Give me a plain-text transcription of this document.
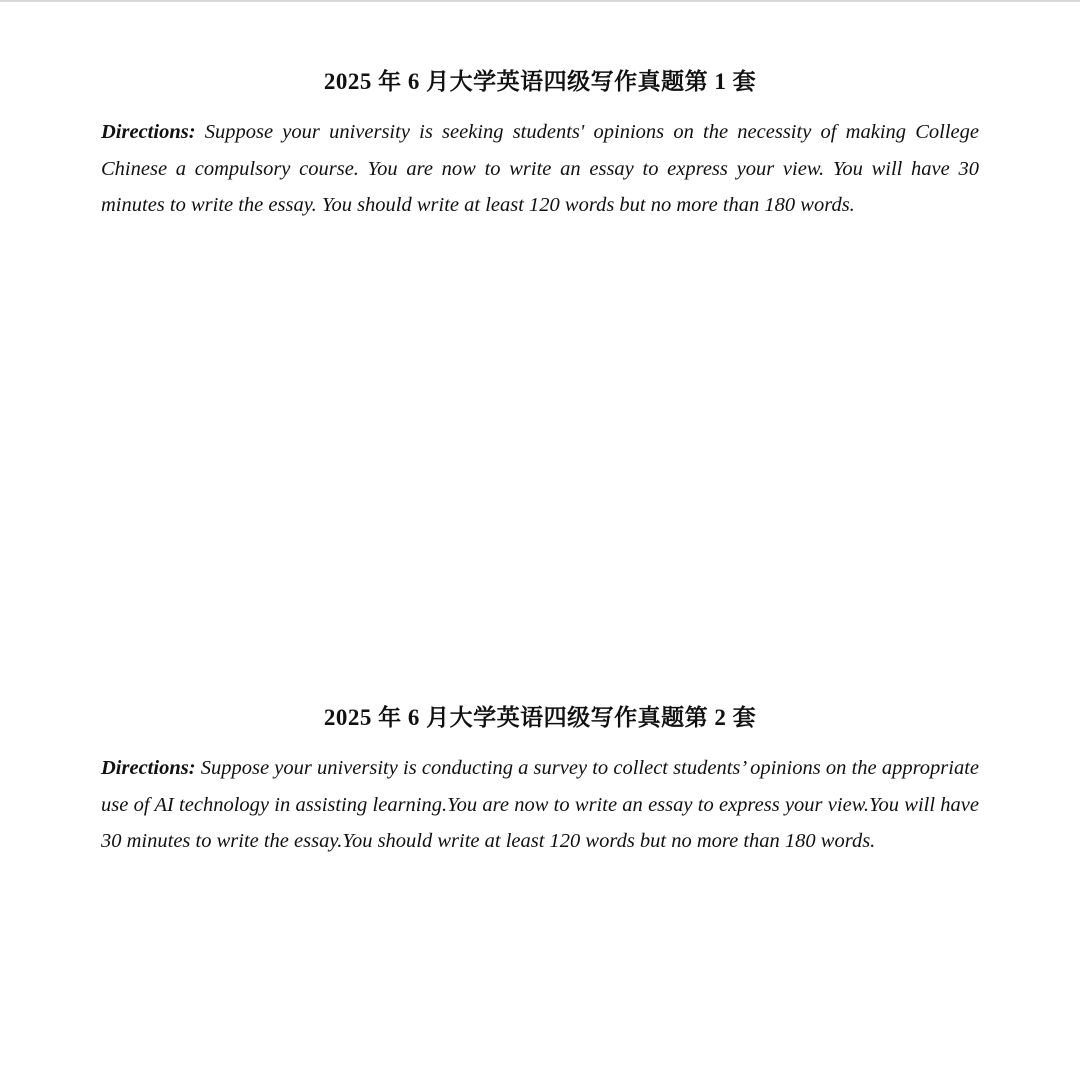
2025 年 6 月大学英语四级写作真题第 1 套

Directions: Suppose your university is seeking students' opinions on the necessity of making College Chinese a compulsory course. You are now to write an essay to express your view. You will have 30 minutes to write the essay. You should write at least 120 words but no more than 180 words.

2025 年 6 月大学英语四级写作真题第 2 套

Directions: Suppose your university is conducting a survey to collect students’ opinions on the appropriate use of AI technology in assisting learning.You are now to write an essay to express your view.You will have 30 minutes to write the essay.You should write at least 120 words but no more than 180 words.
